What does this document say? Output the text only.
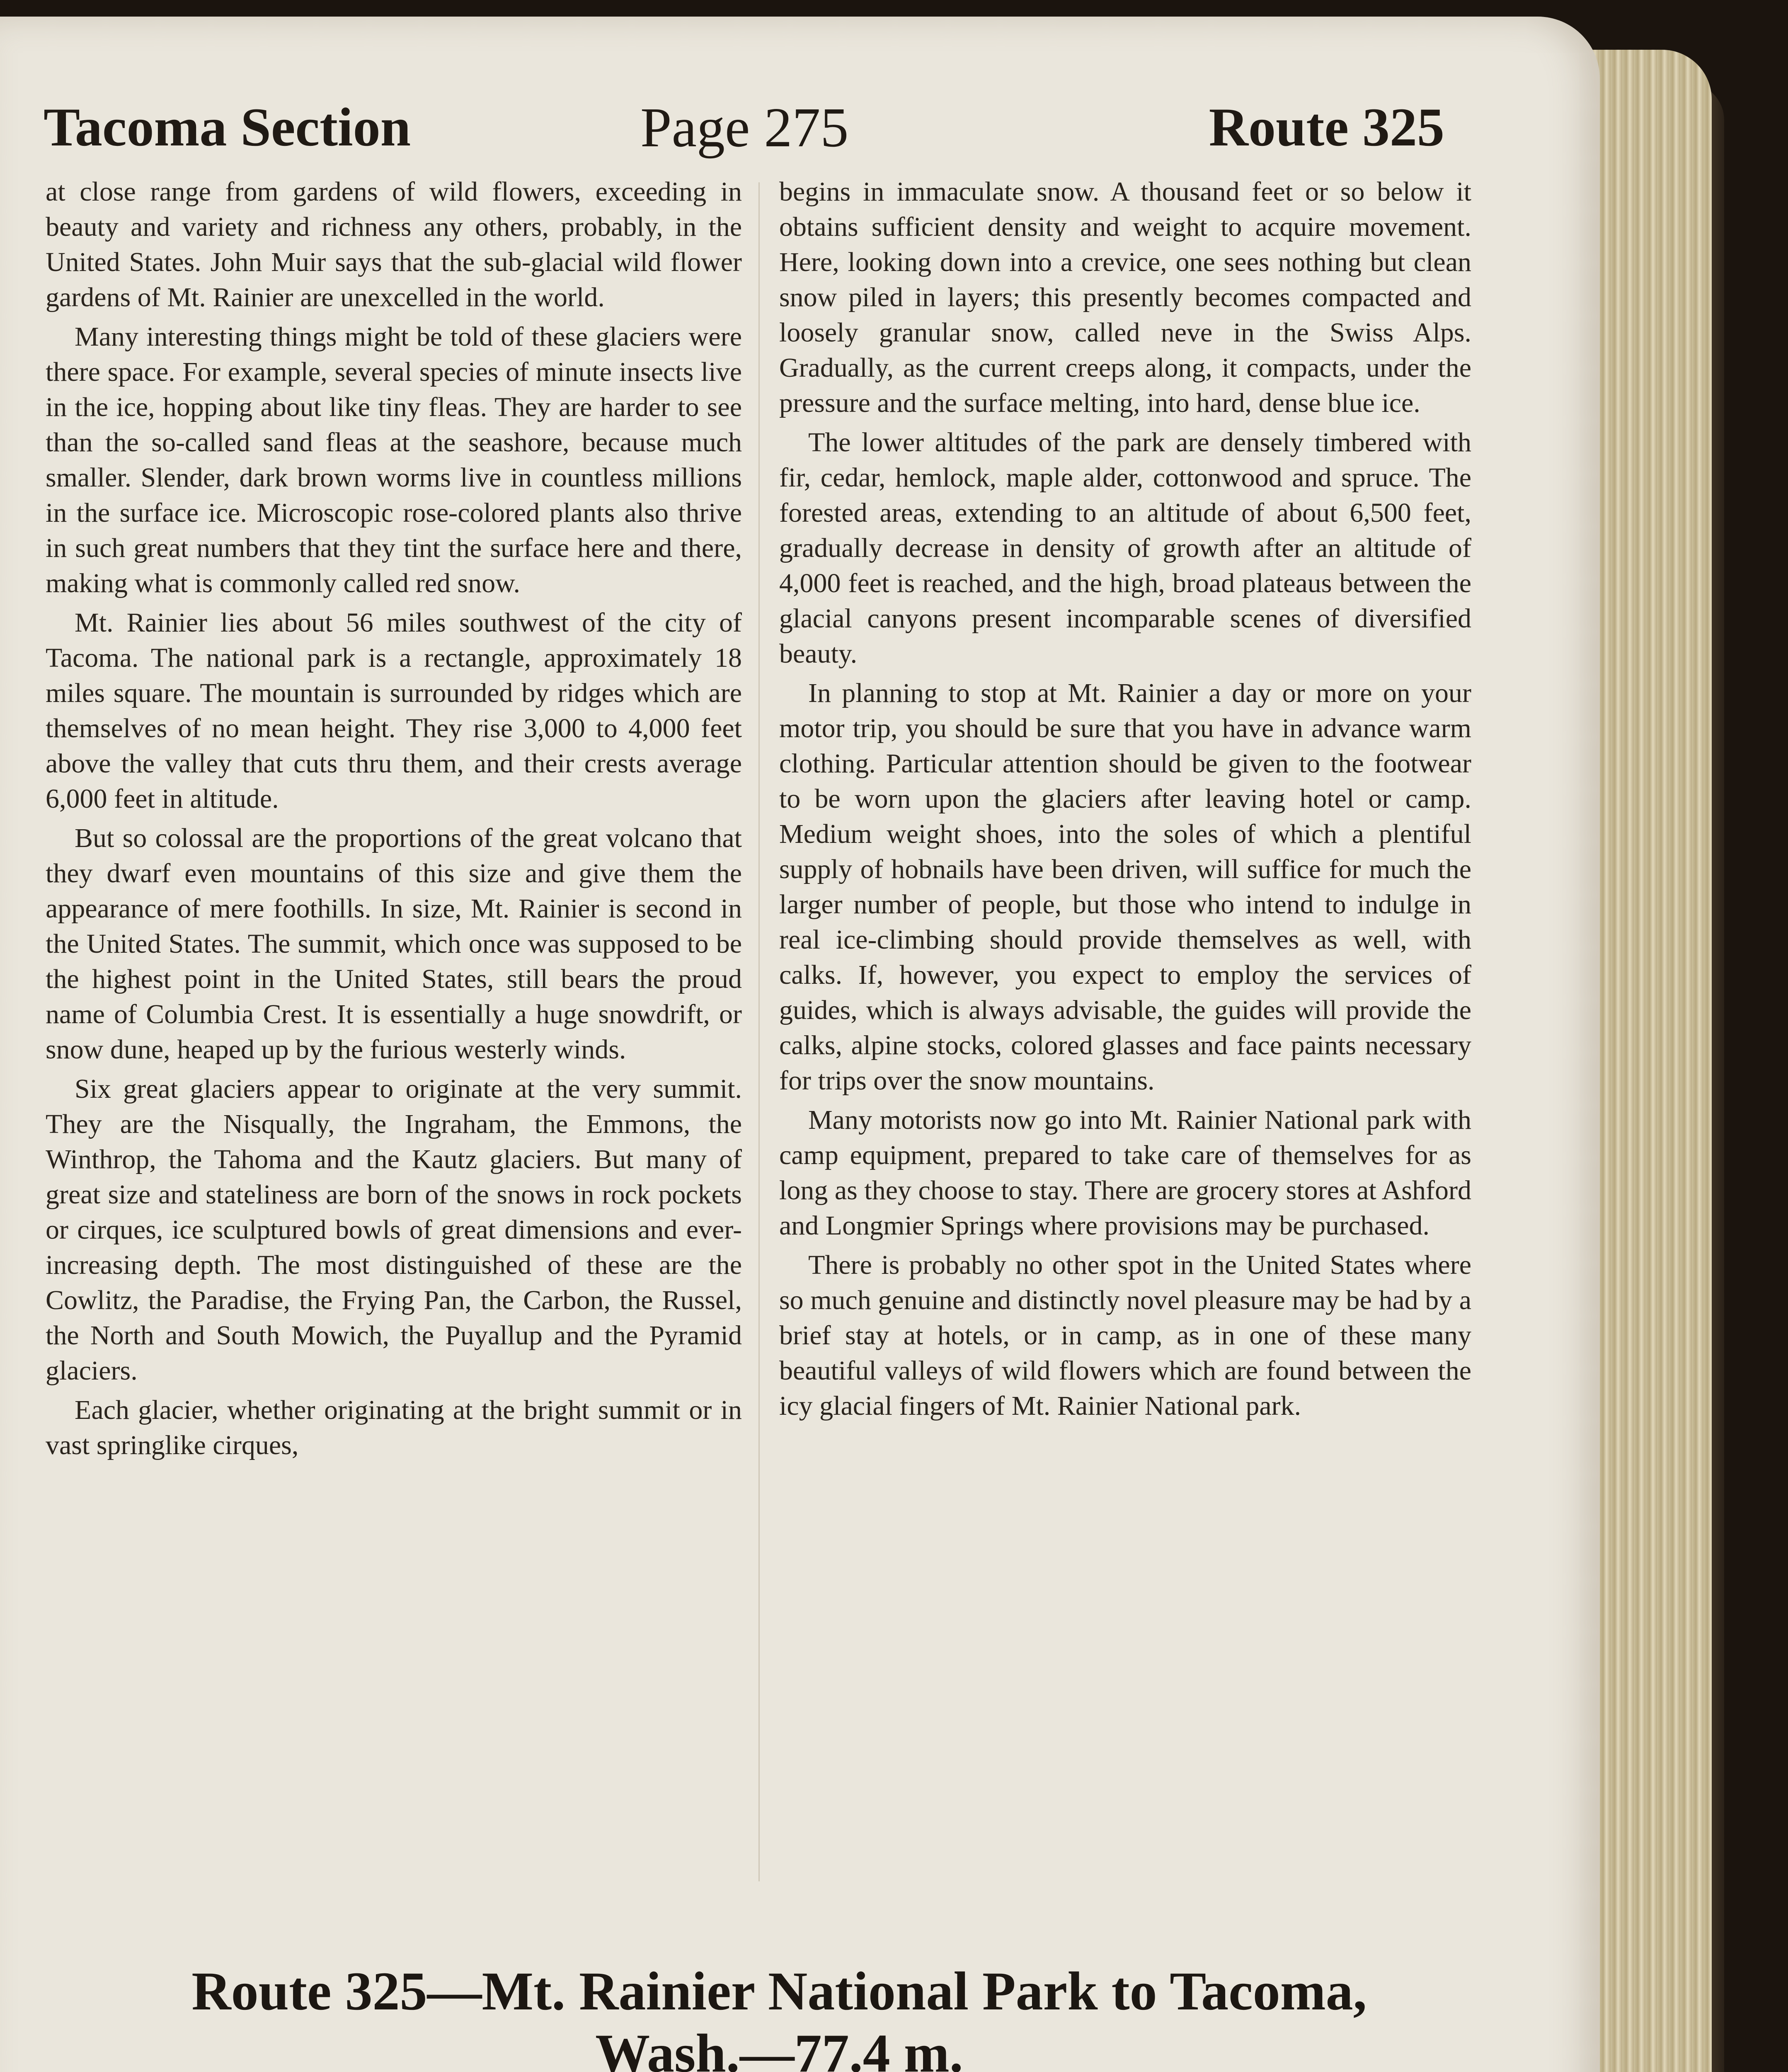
Tacoma Section	Page 275	Route 325

at close range from gardens of wild flowers, exceeding in beauty and variety and richness any others, probably, in the United States. John Muir says that the sub-glacial wild flower gardens of Mt. Rainier are unexcelled in the world.

Many interesting things might be told of these glaciers were there space. For example, several species of minute insects live in the ice, hopping about like tiny fleas. They are harder to see than the so-called sand fleas at the seashore, because much smaller. Slender, dark brown worms live in countless millions in the surface ice. Microscopic rose-colored plants also thrive in such great numbers that they tint the surface here and there, making what is commonly called red snow.

Mt. Rainier lies about 56 miles southwest of the city of Tacoma. The national park is a rectangle, approximately 18 miles square. The mountain is surrounded by ridges which are themselves of no mean height. They rise 3,000 to 4,000 feet above the valley that cuts thru them, and their crests average 6,000 feet in altitude.

But so colossal are the proportions of the great volcano that they dwarf even mountains of this size and give them the appearance of mere foothills. In size, Mt. Rainier is second in the United States. The summit, which once was supposed to be the highest point in the United States, still bears the proud name of Columbia Crest. It is essentially a huge snowdrift, or snow dune, heaped up by the furious westerly winds.

Six great glaciers appear to originate at the very summit. They are the Nisqually, the Ingraham, the Emmons, the Winthrop, the Tahoma and the Kautz glaciers. But many of great size and stateliness are born of the snows in rock pockets or cirques, ice sculptured bowls of great dimensions and ever-increasing depth. The most distinguished of these are the Cowlitz, the Paradise, the Frying Pan, the Carbon, the Russel, the North and South Mowich, the Puyallup and the Pyramid glaciers.

Each glacier, whether originating at the bright summit or in vast springlike cirques,

begins in immaculate snow. A thousand feet or so below it obtains sufficient density and weight to acquire movement. Here, looking down into a crevice, one sees nothing but clean snow piled in layers; this presently becomes compacted and loosely granular snow, called neve in the Swiss Alps. Gradually, as the current creeps along, it compacts, under the pressure and the surface melting, into hard, dense blue ice.

The lower altitudes of the park are densely timbered with fir, cedar, hemlock, maple alder, cottonwood and spruce. The forested areas, extending to an altitude of about 6,500 feet, gradually decrease in density of growth after an altitude of 4,000 feet is reached, and the high, broad plateaus between the glacial canyons present incomparable scenes of diversified beauty.

In planning to stop at Mt. Rainier a day or more on your motor trip, you should be sure that you have in advance warm clothing. Particular attention should be given to the footwear to be worn upon the glaciers after leaving hotel or camp. Medium weight shoes, into the soles of which a plentiful supply of hobnails have been driven, will suffice for much the larger number of people, but those who intend to indulge in real ice-climbing should provide themselves as well, with calks. If, however, you expect to employ the services of guides, which is always advisable, the guides will provide the calks, alpine stocks, colored glasses and face paints necessary for trips over the snow mountains.

Many motorists now go into Mt. Rainier National park with camp equipment, prepared to take care of themselves for as long as they choose to stay. There are grocery stores at Ashford and Longmier Springs where provisions may be purchased.

There is probably no other spot in the United States where so much genuine and distinctly novel pleasure may be had by a brief stay at hotels, or in camp, as in one of these many beautiful valleys of wild flowers which are found between the icy glacial fingers of Mt. Rainier National park.

Route 325—Mt. Rainier National Park to Tacoma,
Wash.—77.4 m.
